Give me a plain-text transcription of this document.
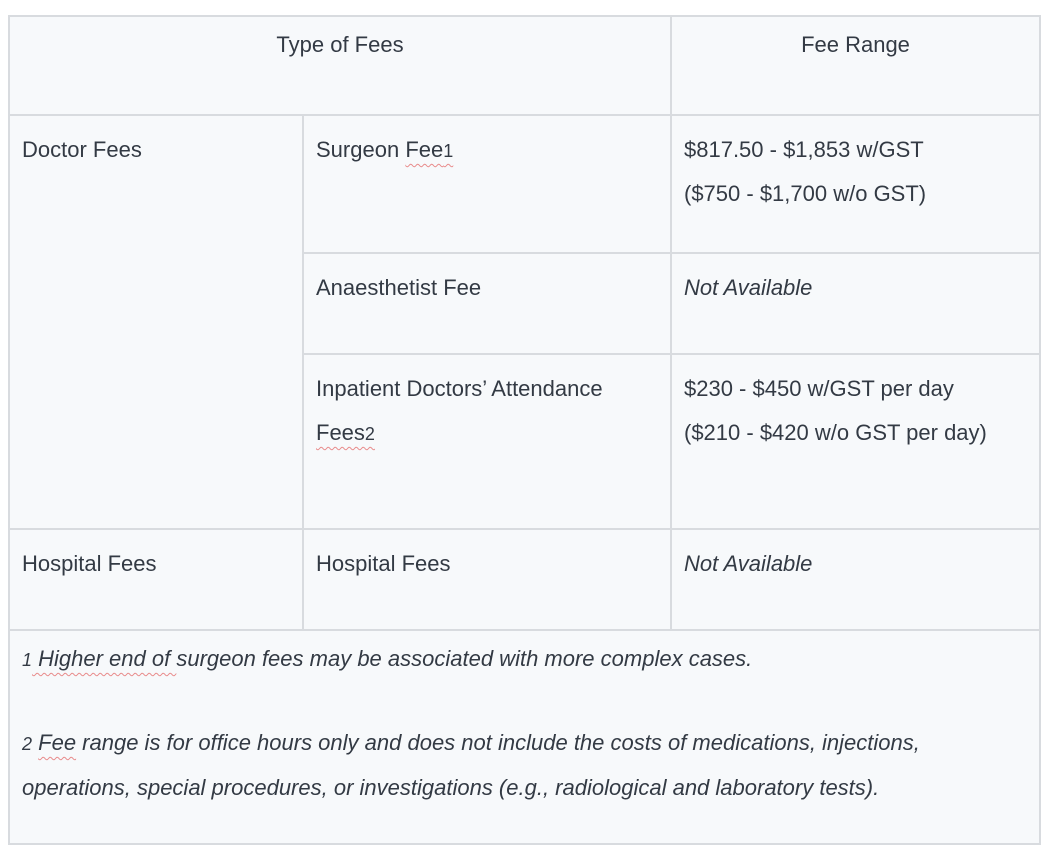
Type of Fees		Fee Range
Doctor Fees	Surgeon Fee1	$817.50 - $1,853 w/GST
($750 - $1,700 w/o GST)

	Anaesthetist Fee	Not Available

	Inpatient Doctors’ Attendance
Fees2	$230 - $450 w/GST per day
($210 - $420 w/o GST per day)

Hospital Fees	Hospital Fees	Not Available

1 Higher end of surgeon fees may be associated with more complex cases.
2 Fee range is for office hours only and does not include the costs of medications, injections, operations, special procedures, or investigations (e.g., radiological and laboratory tests).		
